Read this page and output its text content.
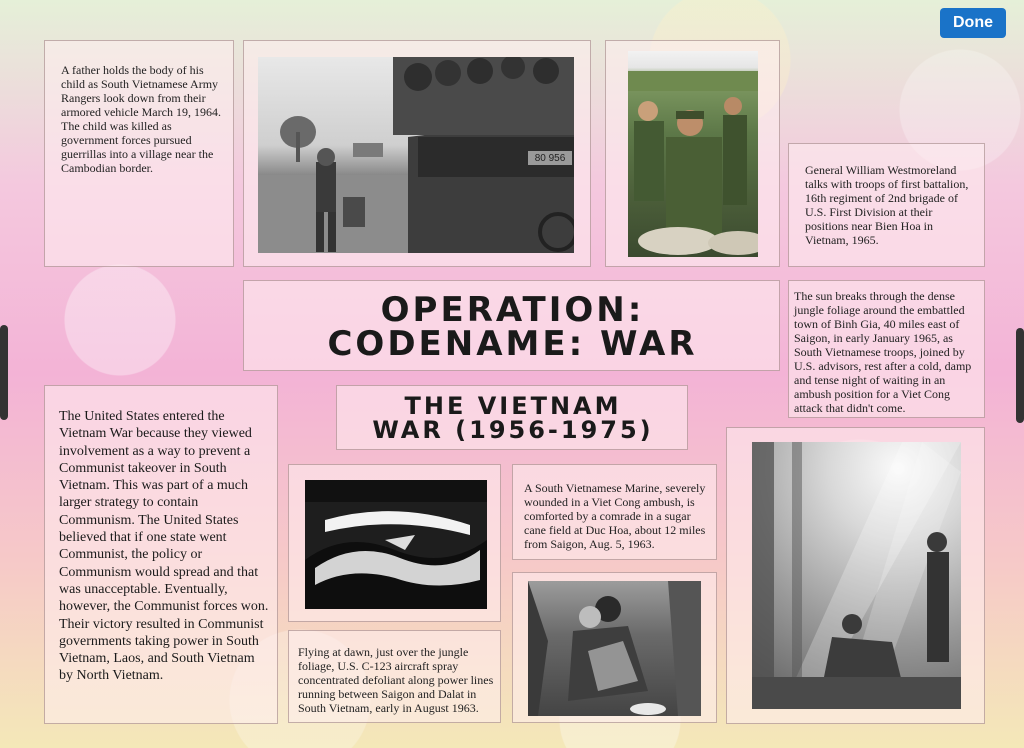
Done
A father holds the body of his child as South Vietnamese Army Rangers look down from their armored vehicle March 19, 1964. The child was killed as government forces pursued guerrillas into a village near the Cambodian border.
80 956
General William Westmoreland talks with troops of first battalion, 16th regiment of 2nd brigade of U.S. First Division at their positions near Bien Hoa in Vietnam, 1965.
OPERATION:
CODENAME: WAR
The sun breaks through the dense jungle foliage around the embattled town of Binh Gia, 40 miles east of Saigon, in early January 1965, as South Vietnamese troops, joined by U.S. advisors, rest after a cold, damp and tense night of waiting in an ambush position for a Viet Cong attack that didn't come.
THE VIETNAM
WAR (1956-1975)
The United States entered the Vietnam War because they viewed involvement as a way to prevent a Communist takeover in South Vietnam. This was part of a much larger strategy to contain Communism. The United States believed that if one state went Communist, the policy or Communism would spread and that was unacceptable. Eventually, however, the Communist forces won. Their victory resulted in Communist governments taking power in South Vietnam, Laos, and South Vietnam by North Vietnam.
Flying at dawn, just over the jungle foliage, U.S. C-123 aircraft spray concentrated defoliant along power lines running between Saigon and Dalat in South Vietnam, early in August 1963.
A South Vietnamese Marine, severely wounded in a Viet Cong ambush, is comforted by a comrade in a sugar cane field at Duc Hoa, about 12 miles from Saigon, Aug. 5, 1963.
